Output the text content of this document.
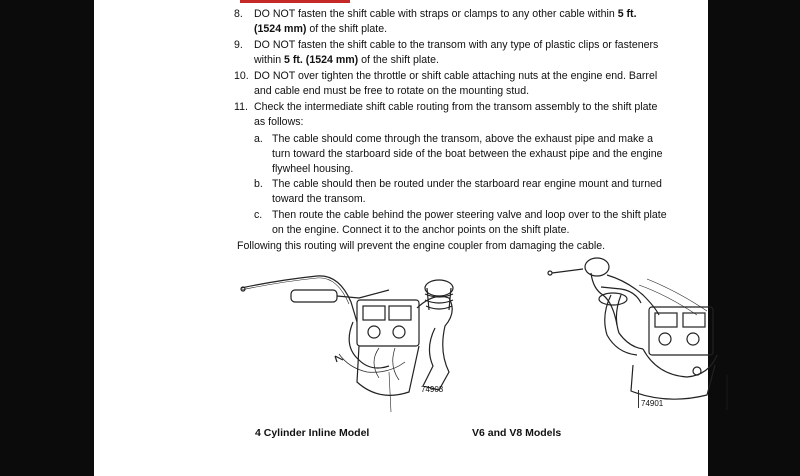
8. DO NOT fasten the shift cable with straps or clamps to any other cable within 5 ft.
(1524 mm) of the shift plate.
9. DO NOT fasten the shift cable to the transom with any type of plastic clips or fasteners
within 5 ft. (1524 mm) of the shift plate.
10. DO NOT over tighten the throttle or shift cable attaching nuts at the engine end. Barrel
and cable end must be free to rotate on the mounting stud.
11. Check the intermediate shift cable routing from the transom assembly to the shift plate
as follows:
a. The cable should come through the transom, above the exhaust pipe and make a
turn toward the starboard side of the boat between the exhaust pipe and the engine
flywheel housing.
b. The cable should then be routed under the starboard rear engine mount and turned
toward the transom.
c. Then route the cable behind the power steering valve and loop over to the shift plate
on the engine. Connect it to the anchor points on the shift plate.
Following this routing will prevent the engine coupler from damaging the cable.
74903
74901
4 Cylinder Inline Model	V6 and V8 Models
